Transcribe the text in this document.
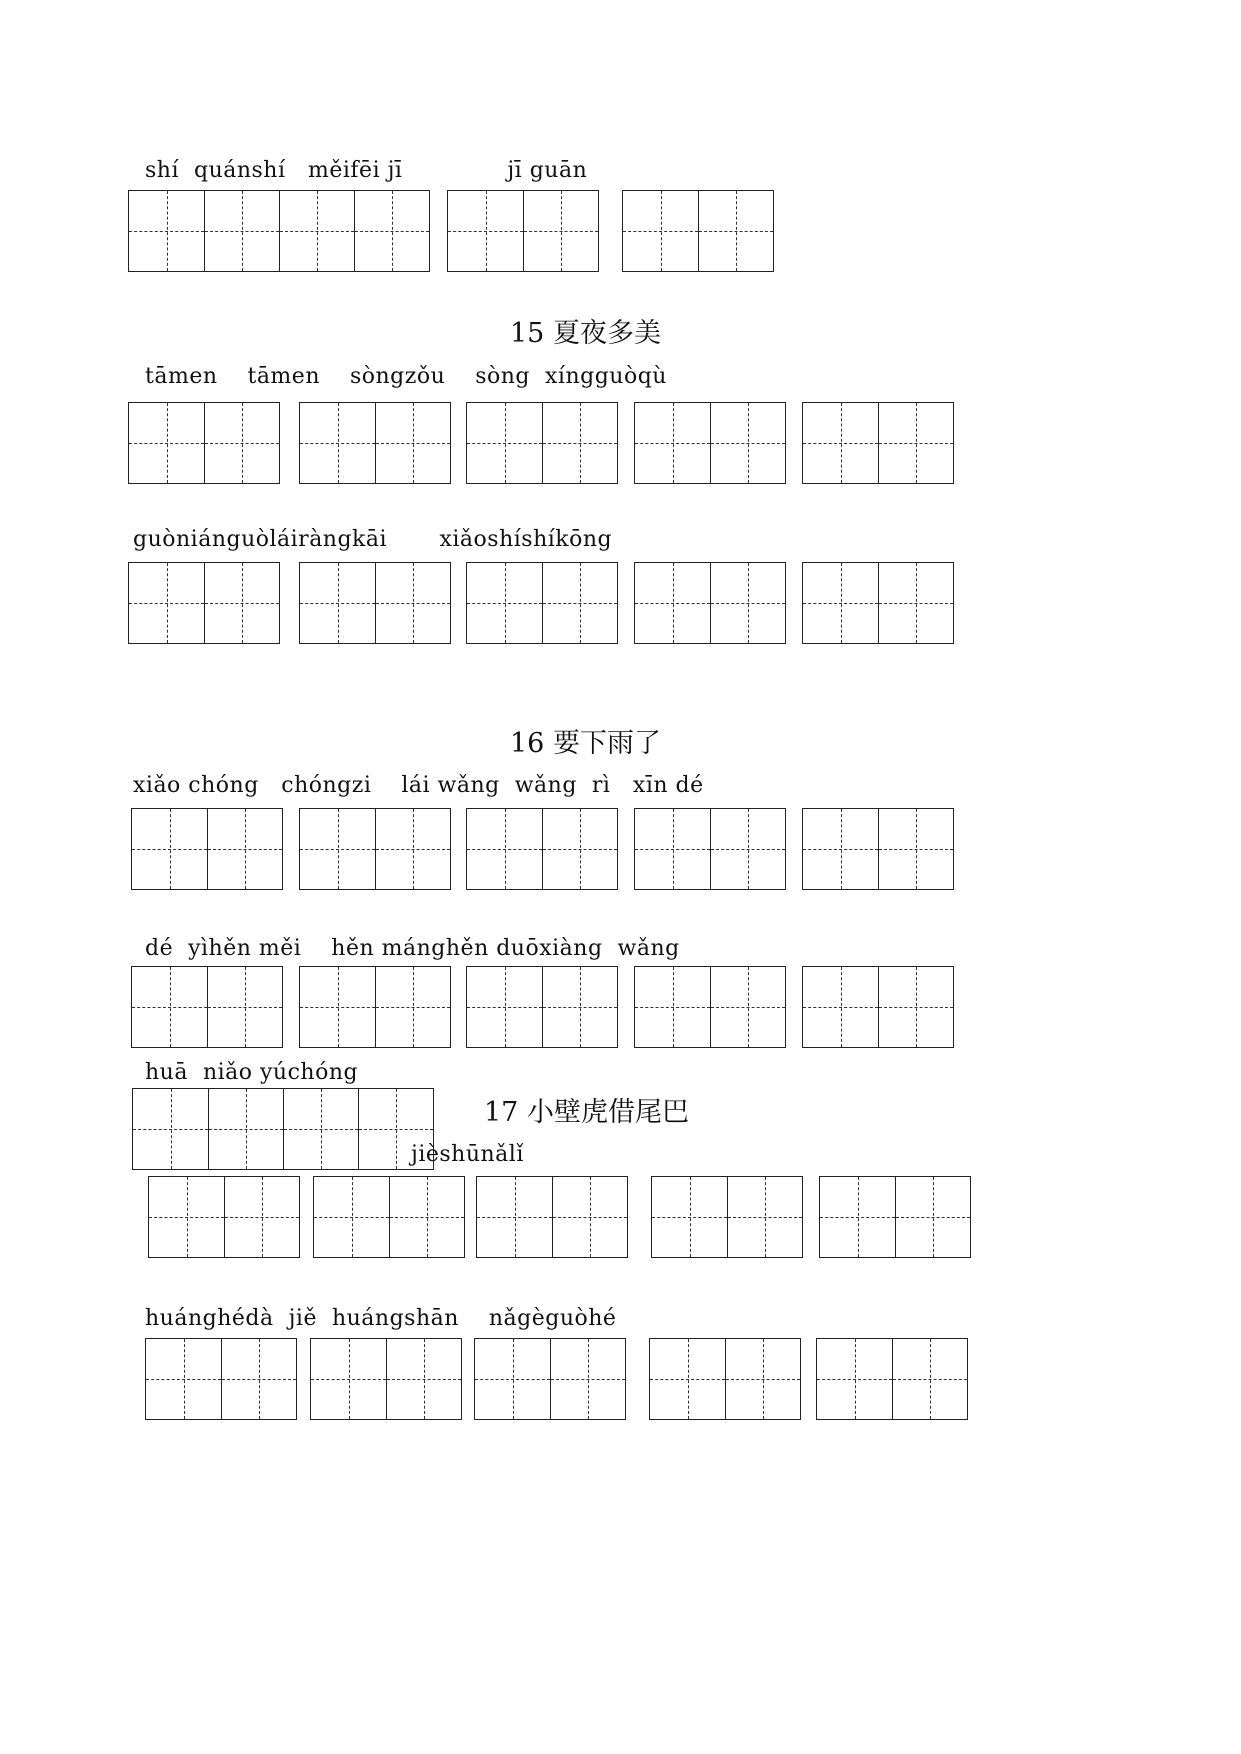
shí  quánshí   měifēi jī              jī guān
15 夏夜多美
tāmen    tāmen    sòngzǒu    sòng  xíngguòqù
guòniánguòláiràngkāi       xiǎoshíshíkōng
16 要下雨了
xiǎo chóng   chóngzi    lái wǎng  wǎng  rì   xīn dé
dé  yìhěn měi    hěn mánghěn duōxiàng  wǎng
huā  niǎo yúchóng
17 小壁虎借尾巴
jièshūnǎlǐ
huánghédà  jiě  huángshān    nǎgèguòhé
